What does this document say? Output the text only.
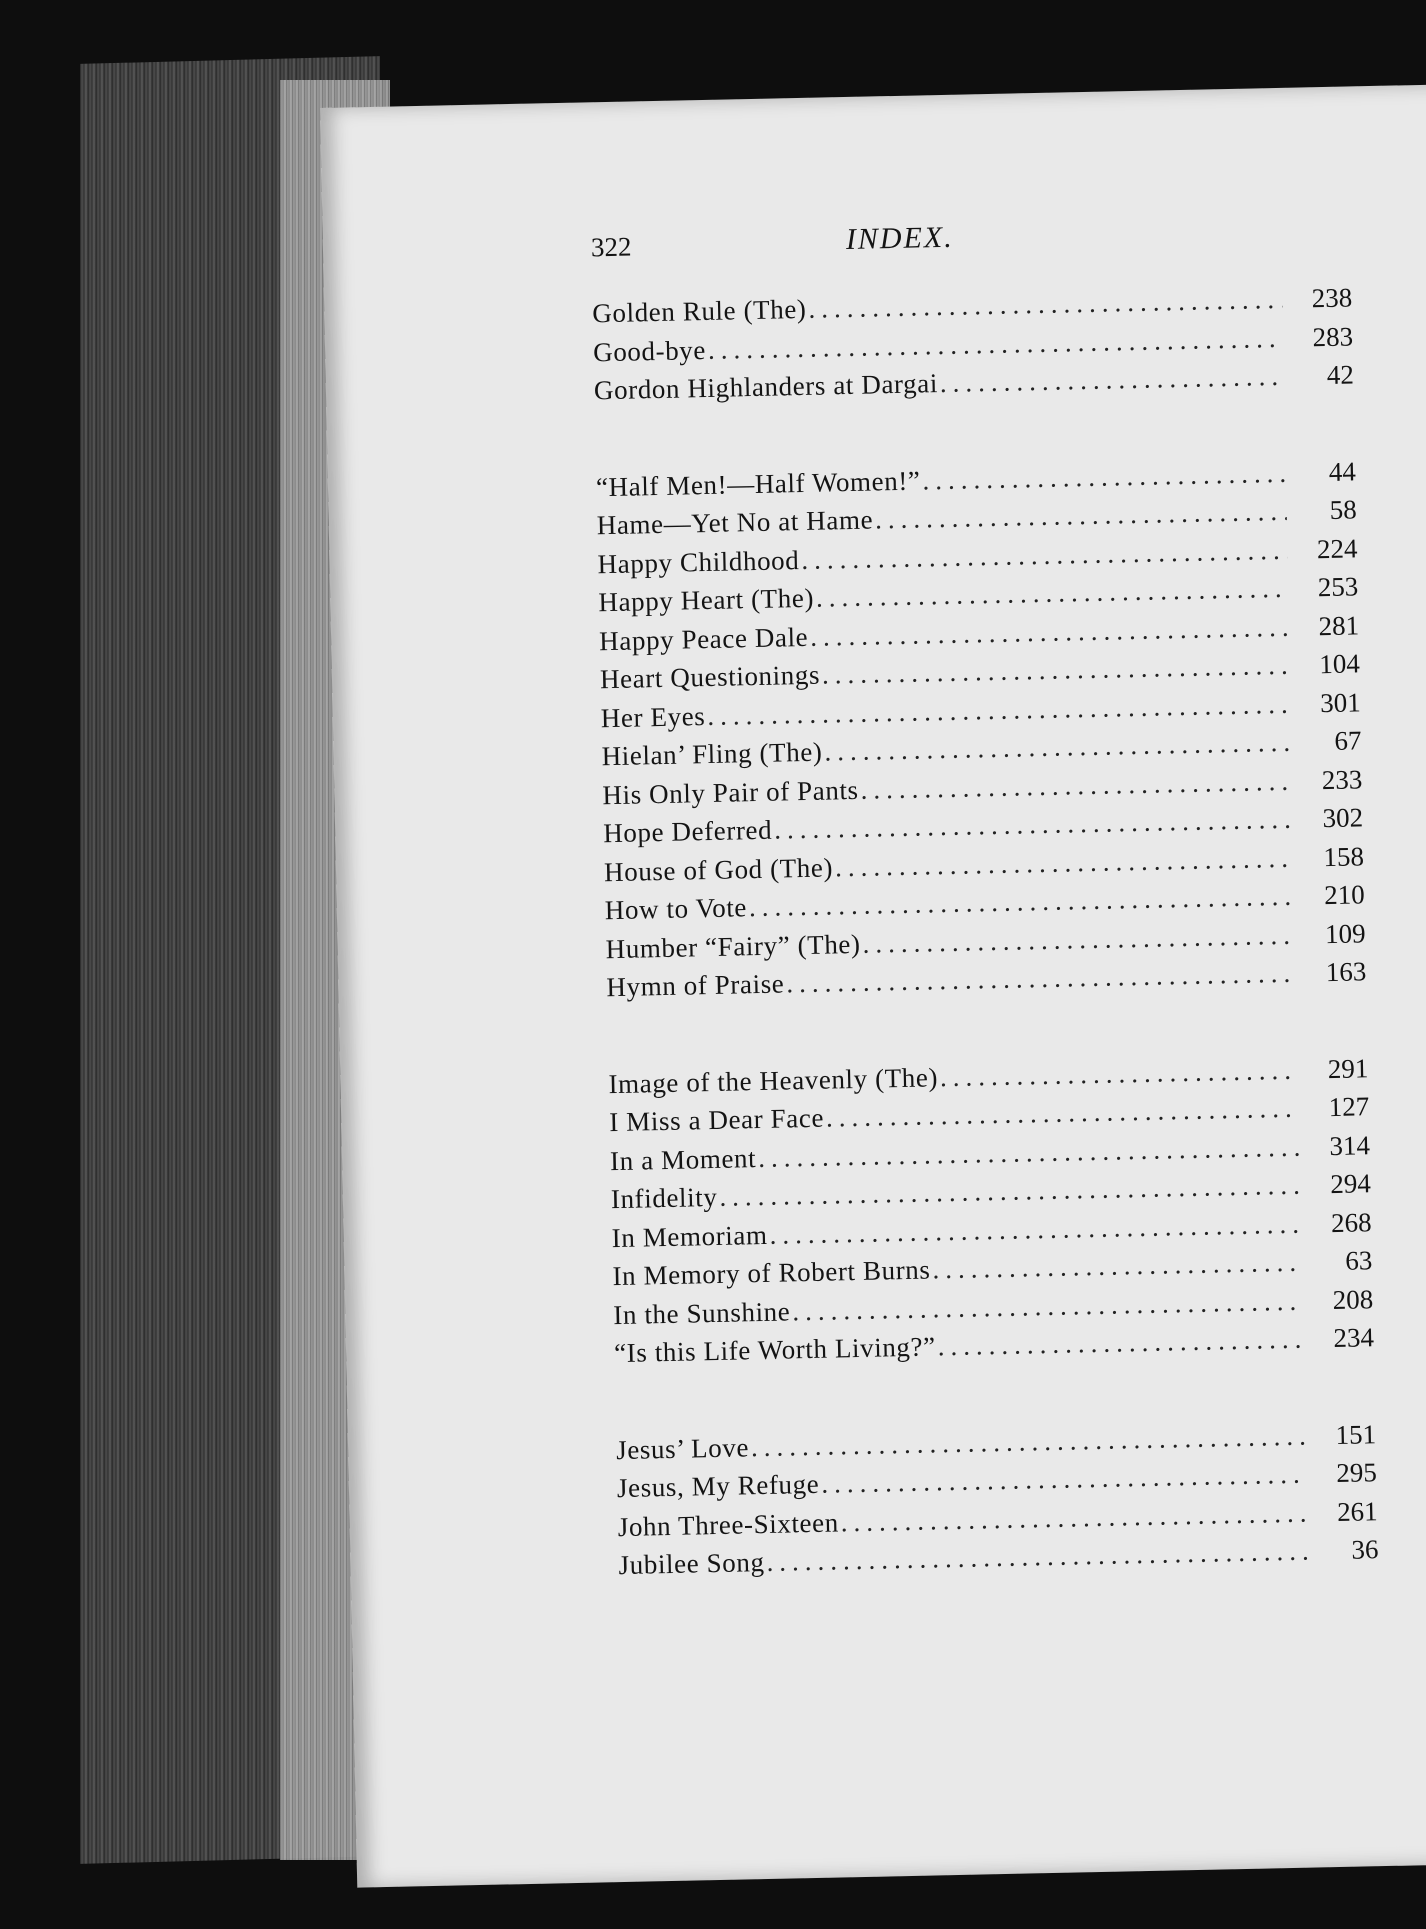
322	INDEX.
Golden Rule (The) .....	238
Good-bye .....	283
Gordon Highlanders at Dargai .....	42
“Half Men!—Half Women!” .....	44
Hame—Yet No at Hame .....	58
Happy Childhood .....	224
Happy Heart (The) .....	253
Happy Peace Dale .....	281
Heart Questionings .....	104
Her Eyes .....	301
Hielan’ Fling (The) .....	67
His Only Pair of Pants .....	233
Hope Deferred .....	302
House of God (The) .....	158
How to Vote .....	210
Humber “Fairy” (The) .....	109
Hymn of Praise .....	163
Image of the Heavenly (The) .....	291
I Miss a Dear Face .....	127
In a Moment .....	314
Infidelity .....	294
In Memoriam .....	268
In Memory of Robert Burns .....	63
In the Sunshine .....	208
“Is this Life Worth Living?” .....	234
Jesus’ Love .....	151
Jesus, My Refuge .....	295
John Three-Sixteen .....	261
Jubilee Song .....	36
